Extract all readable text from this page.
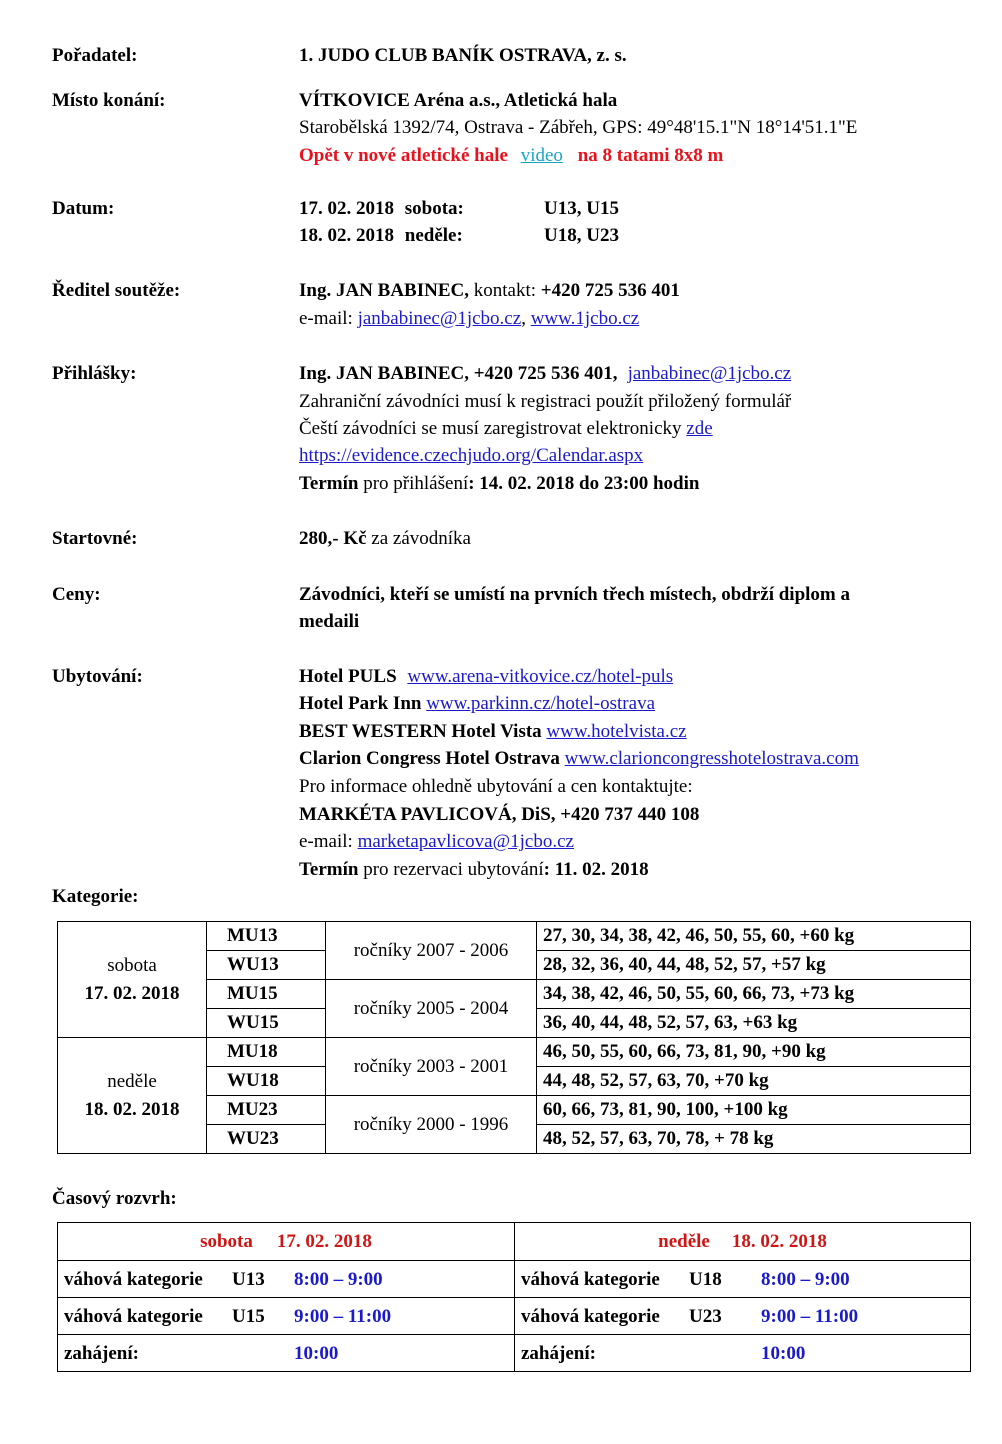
Pořadatel:	1. JUDO CLUB BANÍK OSTRAVA, z. s.
Místo konání:	VÍTKOVICE Aréna a.s., Atletická hala
Starobělská 1392/74, Ostrava - Zábřeh, GPS: 49°48'15.1"N 18°14'51.1"E
Opět v nové atletické hale video na 8 tatami 8x8 m
Datum:	17. 02. 2018 sobota:	U13, U15
18. 02. 2018 neděle:	U18, U23
Ředitel soutěže:	Ing. JAN BABINEC, kontakt: +420 725 536 401
e-mail: janbabinec@1jcbo.cz, www.1jcbo.cz
Přihlášky:	Ing. JAN BABINEC, +420 725 536 401, janbabinec@1jcbo.cz
Zahraniční závodníci musí k registraci použít přiložený formulář
Čeští závodníci se musí zaregistrovat elektronicky zde
https://evidence.czechjudo.org/Calendar.aspx
Termín pro přihlášení: 14. 02. 2018 do 23:00 hodin
Startovné:	280,- Kč za závodníka
Ceny:	Závodníci, kteří se umístí na prvních třech místech, obdrží diplom a
medaili
Ubytování:	Hotel PULS www.arena-vitkovice.cz/hotel-puls
Hotel Park Inn www.parkinn.cz/hotel-ostrava
BEST WESTERN Hotel Vista www.hotelvista.cz
Clarion Congress Hotel Ostrava www.clarioncongresshotelostrava.com
Pro informace ohledně ubytování a cen kontaktujte:
MARKÉTA PAVLICOVÁ, DiS, +420 737 440 108
e-mail: marketapavlicova@1jcbo.cz
Termín pro rezervaci ubytování: 11. 02. 2018
Kategorie:
sobota
17. 02. 2018	MU13	ročníky 2007 - 2006	27, 30, 34, 38, 42, 46, 50, 55, 60, +60 kg
	WU13		28, 32, 36, 40, 44, 48, 52, 57, +57 kg
	MU15	ročníky 2005 - 2004	34, 38, 42, 46, 50, 55, 60, 66, 73, +73 kg
	WU15		36, 40, 44, 48, 52, 57, 63, +63 kg
neděle
18. 02. 2018	MU18	ročníky 2003 - 2001	46, 50, 55, 60, 66, 73, 81, 90, +90 kg
	WU18		44, 48, 52, 57, 63, 70, +70 kg
	MU23	ročníky 2000 - 1996	60, 66, 73, 81, 90, 100, +100 kg
	WU23		48, 52, 57, 63, 70, 78, + 78 kg
Časový rozvrh:
sobota 17. 02. 2018	neděle 18. 02. 2018

váhová kategorie U13 8:00 – 9:00	váhová kategorie U18 8:00 – 9:00

váhová kategorie U15 9:00 – 11:00	váhová kategorie U23 9:00 – 11:00

zahájení: 10:00	zahájení: 10:00
